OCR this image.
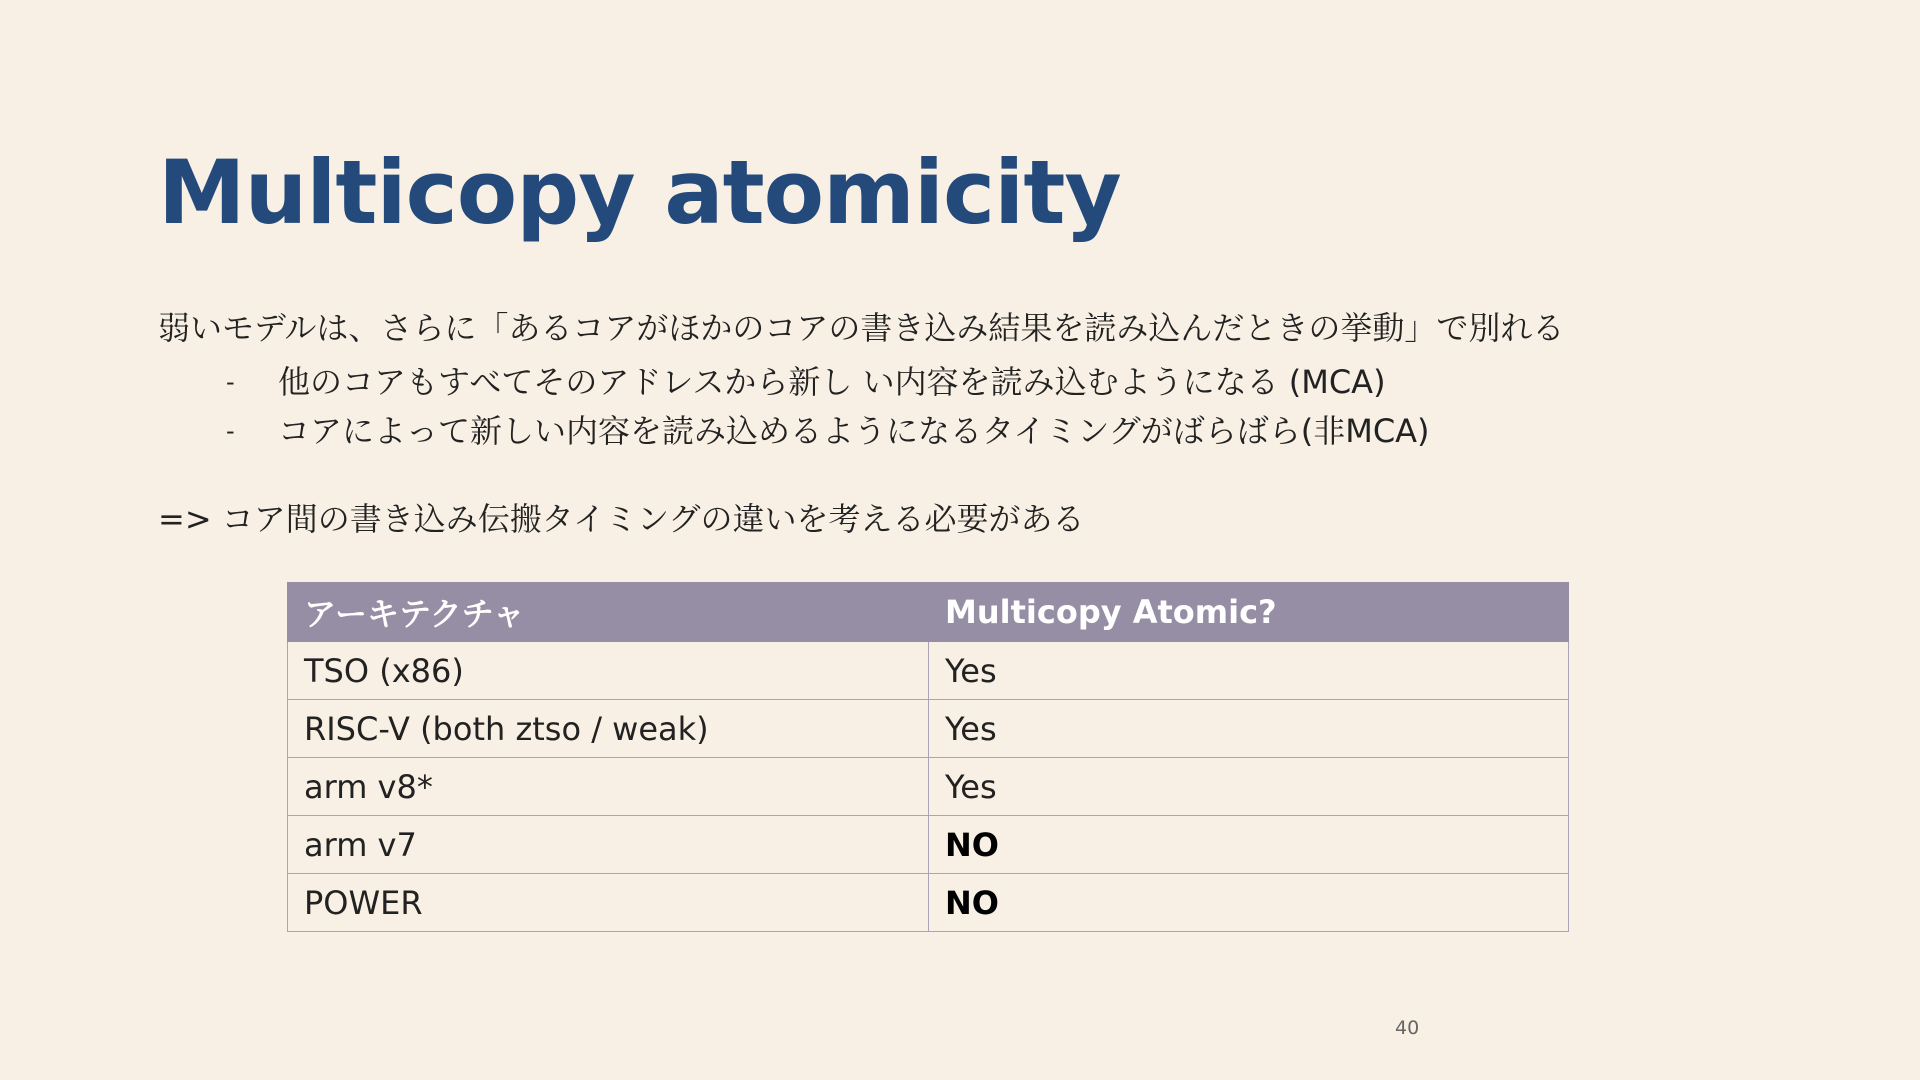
Multicopy atomicity
弱いモデルは、さらに「あるコアがほかのコアの書き込み結果を読み込んだときの挙動」で別れる
- 他のコアもすべてそのアドレスから新し い内容を読み込むようになる (MCA)
- コアによって新しい内容を読み込めるようになるタイミングがばらばら(非MCA)
=> コア間の書き込み伝搬タイミングの違いを考える必要がある
アーキテクチャ	Multicopy Atomic?
TSO (x86)	Yes
RISC-V (both ztso / weak)	Yes
arm v8*	Yes
arm v7	NO
POWER	NO
40
